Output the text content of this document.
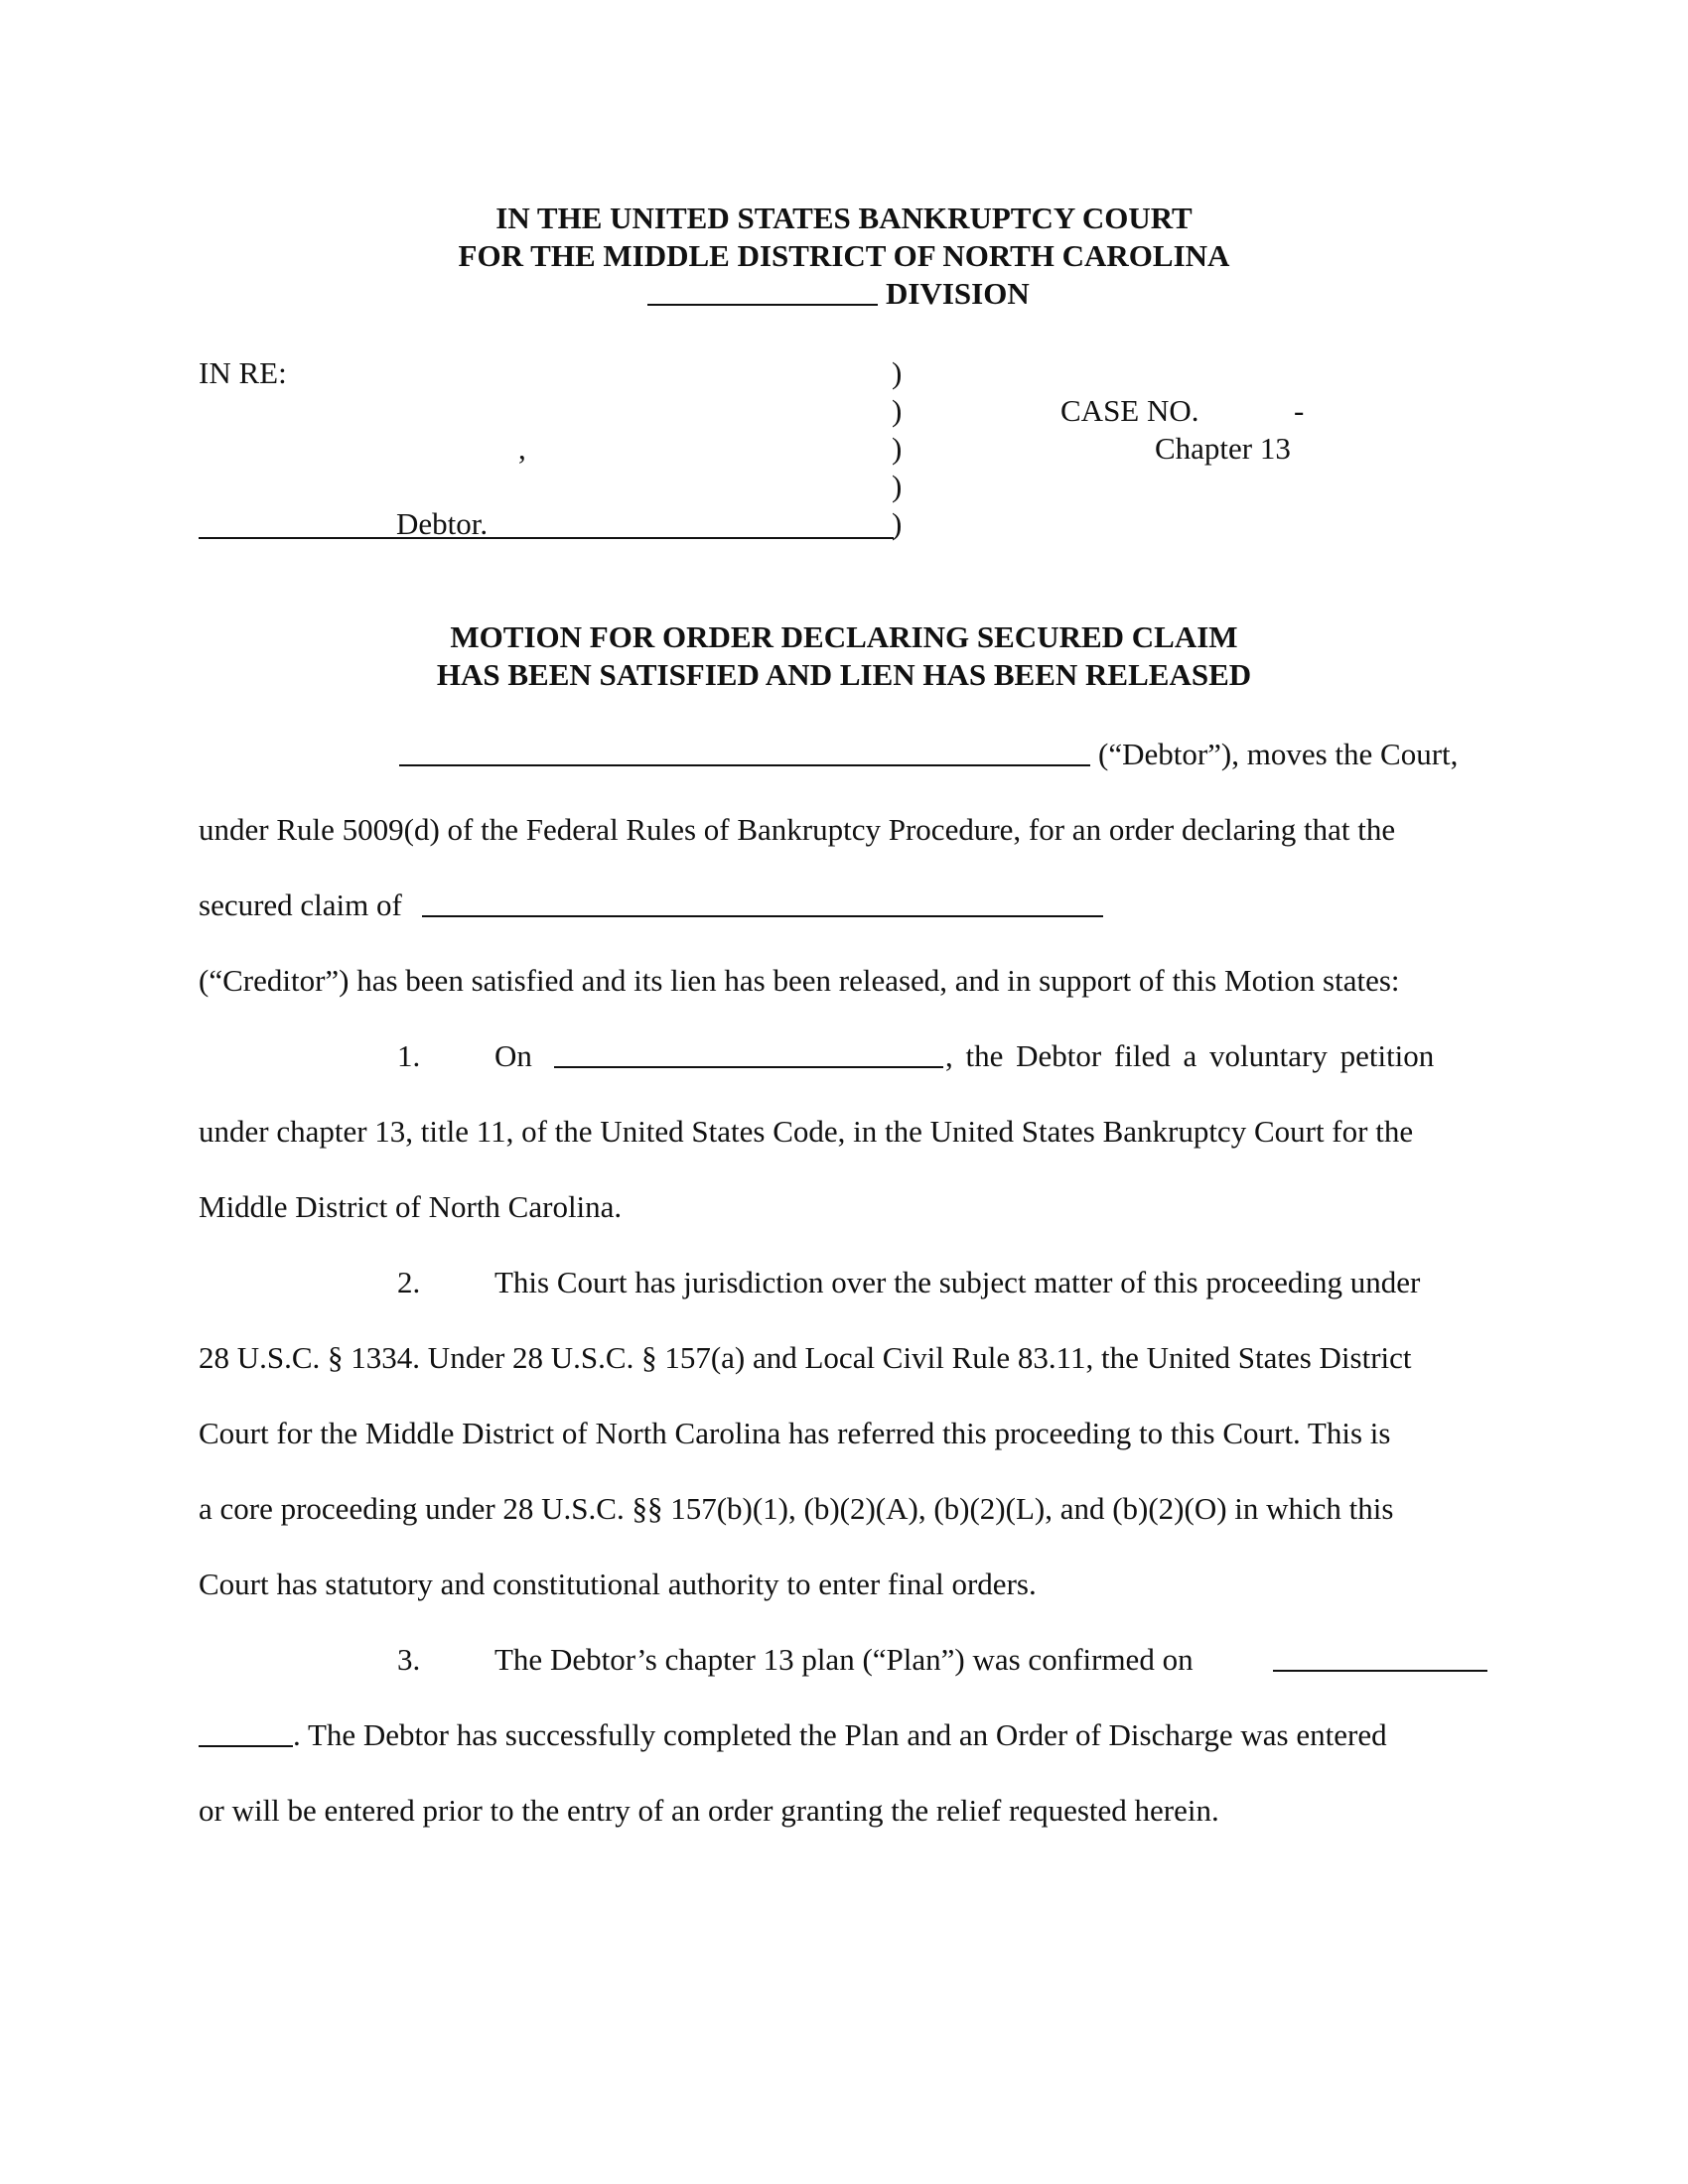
IN THE UNITED STATES BANKRUPTCY COURT
FOR THE MIDDLE DISTRICT OF NORTH CAROLINA
DIVISION
IN RE:
,
Debtor.
)
)
)
)
)
CASE NO.	-
Chapter 13
MOTION FOR ORDER DECLARING SECURED CLAIM
HAS BEEN SATISFIED AND LIEN HAS BEEN RELEASED
(“Debtor”), moves the Court,
under Rule 5009(d) of the Federal Rules of Bankruptcy Procedure, for an order declaring that the
secured claim of
(“Creditor”) has been satisfied and its lien has been released, and in support of this Motion states:
1. On	, the Debtor filed a voluntary petition
under chapter 13, title 11, of the United States Code, in the United States Bankruptcy Court for the
Middle District of North Carolina.
2. This Court has jurisdiction over the subject matter of this proceeding under
28 U.S.C. § 1334. Under 28 U.S.C. § 157(a) and Local Civil Rule 83.11, the United States District
Court for the Middle District of North Carolina has referred this proceeding to this Court. This is
a core proceeding under 28 U.S.C. §§ 157(b)(1), (b)(2)(A), (b)(2)(L), and (b)(2)(O) in which this
Court has statutory and constitutional authority to enter final orders.
3. The Debtor’s chapter 13 plan (“Plan”) was confirmed on
. The Debtor has successfully completed the Plan and an Order of Discharge was entered
or will be entered prior to the entry of an order granting the relief requested herein.
